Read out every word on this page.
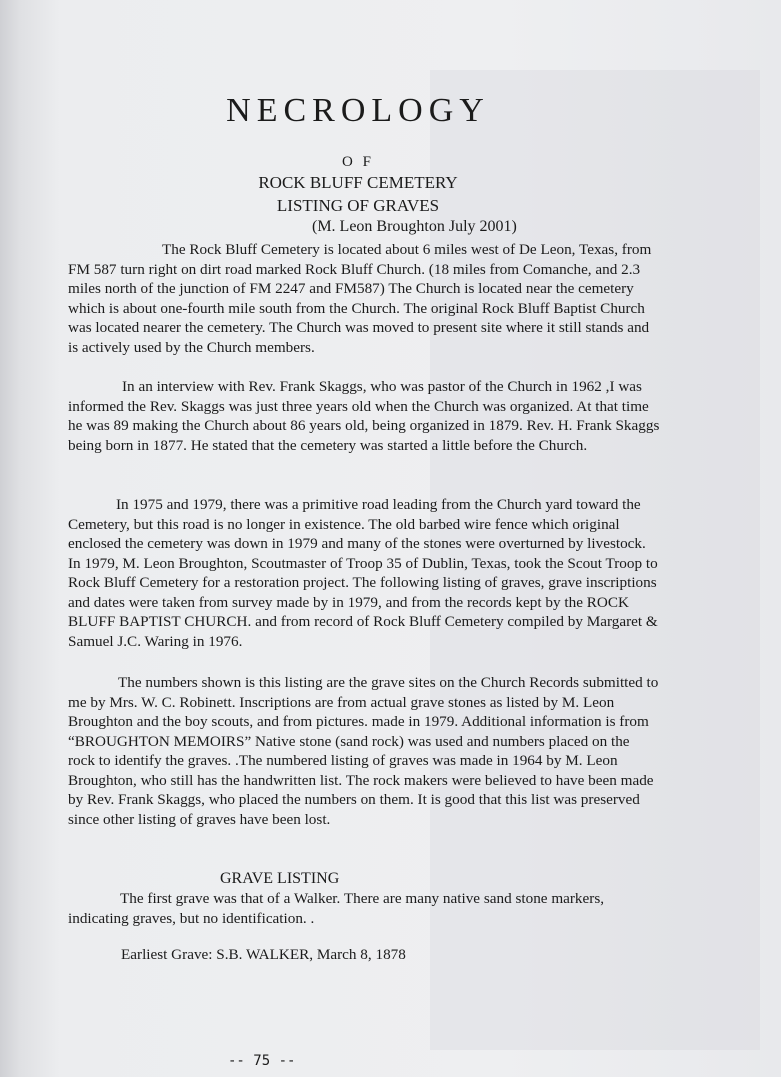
NECROLOGY

O F

ROCK BLUFF CEMETERY

LISTING OF GRAVES

(M. Leon Broughton July 2001)

The Rock Bluff Cemetery is located about 6 miles west of De Leon, Texas, from FM 587 turn right on dirt road marked Rock Bluff Church. (18 miles from Comanche, and 2.3 miles north of the junction of FM 2247 and FM587) The Church is located near the cemetery which is about one-fourth mile south from the Church. The original Rock Bluff Baptist Church was located nearer the cemetery. The Church was moved to present site where it still stands and is actively used by the Church members.

In an interview with Rev. Frank Skaggs, who was pastor of the Church in 1962 ,I was informed the Rev. Skaggs was just three years old when the Church was organized. At that time he was 89 making the Church about 86 years old, being organized in 1879. Rev. H. Frank Skaggs being born in 1877. He stated that the cemetery was started a little before the Church.

In 1975 and 1979, there was a primitive road leading from the Church yard toward the Cemetery, but this road is no longer in existence. The old barbed wire fence which original enclosed the cemetery was down in 1979 and many of the stones were overturned by livestock. In 1979, M. Leon Broughton, Scoutmaster of Troop 35 of Dublin, Texas, took the Scout Troop to Rock Bluff Cemetery for a restoration project. The following listing of graves, grave inscriptions and dates were taken from survey made by in 1979, and from the records kept by the ROCK BLUFF BAPTIST CHURCH. and from record of Rock Bluff Cemetery compiled by Margaret & Samuel J.C. Waring in 1976.

The numbers shown is this listing are the grave sites on the Church Records submitted to me by Mrs. W. C. Robinett. Inscriptions are from actual grave stones as listed by M. Leon Broughton and the boy scouts, and from pictures. made in 1979. Additional information is from “BROUGHTON MEMOIRS” Native stone (sand rock) was used and numbers placed on the rock to identify the graves. .The numbered listing of graves was made in 1964 by M. Leon Broughton, who still has the handwritten list. The rock makers were believed to have been made by Rev. Frank Skaggs, who placed the numbers on them. It is good that this list was preserved since other listing of graves have been lost.

GRAVE LISTING

The first grave was that of a Walker. There are many native sand stone markers, indicating graves, but no identification. .

Earliest Grave: S.B. WALKER, March 8, 1878

-- 75 --
